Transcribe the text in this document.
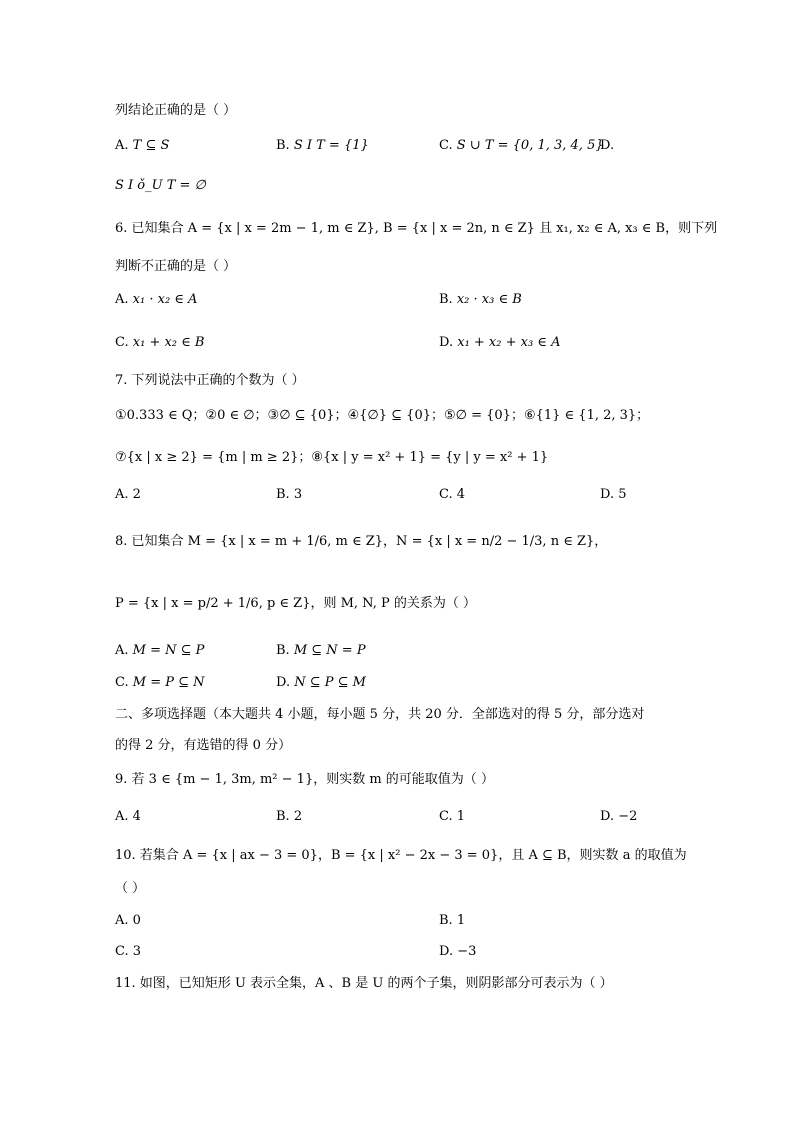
列结论正确的是（ ）
A. T ⊆ S	B. S I T = {1}	C. S ∪ T = {0, 1, 3, 4, 5}
D.
S I ǒ_U T = ∅
6. 已知集合 A = {x | x = 2m − 1, m ∈ Z}, B = {x | x = 2n, n ∈ Z} 且 x₁, x₂ ∈ A, x₃ ∈ B，则下列
判断不正确的是（ ）
A. x₁ · x₂ ∈ A	B. x₂ · x₃ ∈ B
C. x₁ + x₂ ∈ B	D. x₁ + x₂ + x₃ ∈ A
7. 下列说法中正确的个数为（ ）
①0.333 ∈ Q；②0 ∈ ∅；③∅ ⊆ {0}；④{∅} ⊆ {0}；⑤∅ = {0}；⑥{1} ∈ {1, 2, 3}；
⑦{x | x ≥ 2} = {m | m ≥ 2}；⑧{x | y = x² + 1} = {y | y = x² + 1}
A. 2	B. 3	C. 4	D. 5
8. 已知集合 M = {x | x = m + 1/6, m ∈ Z}，N = {x | x = n/2 − 1/3, n ∈ Z}，
P = {x | x = p/2 + 1/6, p ∈ Z}，则 M, N, P 的关系为（ ）
A. M = N ⊆ P	B. M ⊆ N = P
C. M = P ⊆ N	D. N ⊆ P ⊆ M
二、多项选择题（本大题共 4 小题，每小题 5 分，共 20 分．全部选对的得 5 分，部分选对
的得 2 分，有选错的得 0 分）
9. 若 3 ∈ {m − 1, 3m, m² − 1}，则实数 m 的可能取值为（ ）
A. 4	B. 2	C. 1	D. −2
10. 若集合 A = {x | ax − 3 = 0}，B = {x | x² − 2x − 3 = 0}，且 A ⊆ B，则实数 a 的取值为
（ ）
A. 0	B. 1
C. 3	D. −3
11. 如图，已知矩形 U 表示全集，A 、B 是 U 的两个子集，则阴影部分可表示为（ ）
